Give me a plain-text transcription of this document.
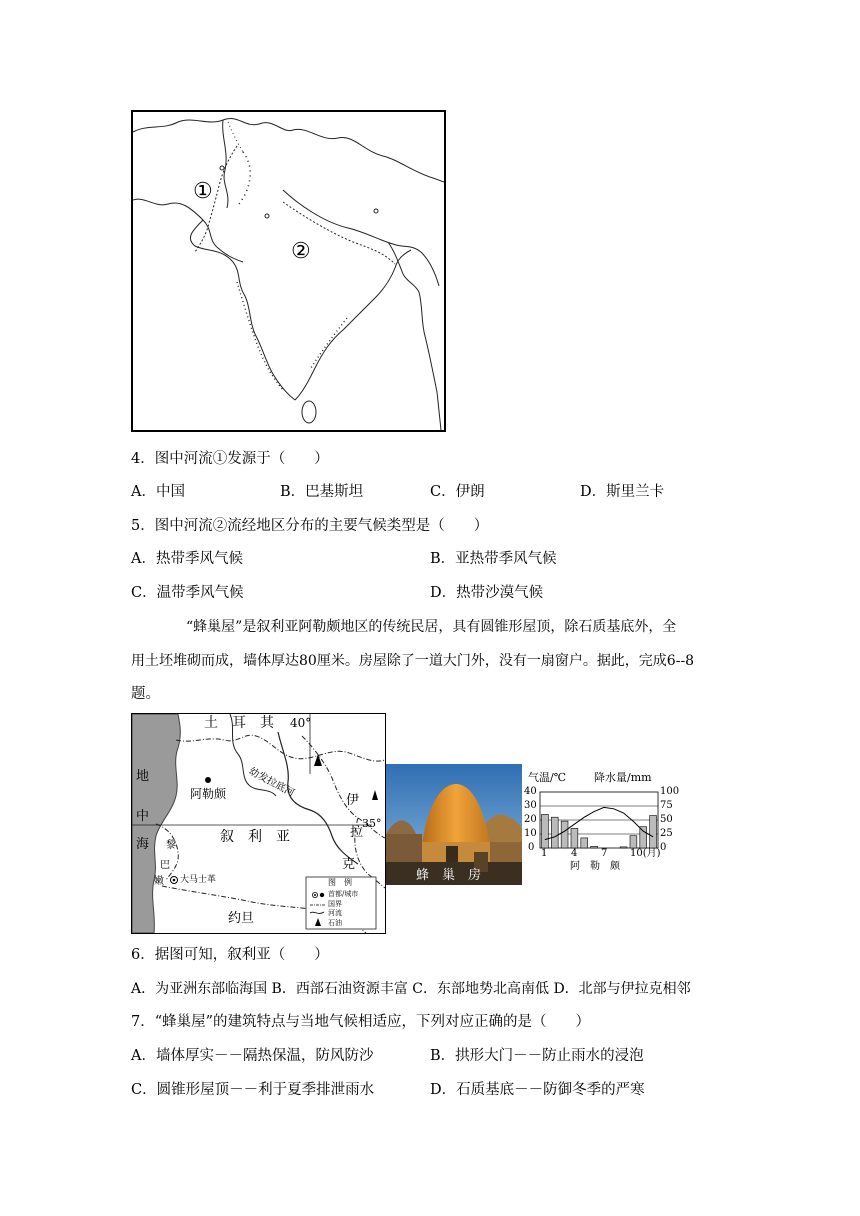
①
②
4．图中河流①发源于（　　）
A．中国	B．巴基斯坦	C．伊朗	D．斯里兰卡
5．图中河流②流经地区分布的主要气候类型是（　　）
A．热带季风气候	B．亚热带季风气候
C．温带季风气候	D．热带沙漠气候
“蜂巢屋”是叙利亚阿勒颇地区的传统民居，具有圆锥形屋顶，除石质基底外，全
用土坯堆砌而成，墙体厚达80厘米。房屋除了一道大门外，没有一扇窗户。据此，完成6--8
题。
土　耳　其 40°
地
中
海 黎
巴
嫩
阿勒颇 幼发拉底河
叙　利　亚
伊
拉
克
35°
大马士革
约旦
图　例
首都/城市
国界
河流
石油
蜂　巢　房
气温/℃	降水量/mm
40
30
20
10
0
100
75
50
25
0
1 4 7 10(月)
阿　勒　颇
6．据图可知，叙利亚（　　）
A．为亚洲东部临海国 B．西部石油资源丰富 C．东部地势北高南低 D．北部与伊拉克相邻
7．“蜂巢屋”的建筑特点与当地气候相适应，下列对应正确的是（　　）
A．墙体厚实－－隔热保温，防风防沙	B．拱形大门－－防止雨水的浸泡
C．圆锥形屋顶－－利于夏季排泄雨水	D．石质基底－－防御冬季的严寒
